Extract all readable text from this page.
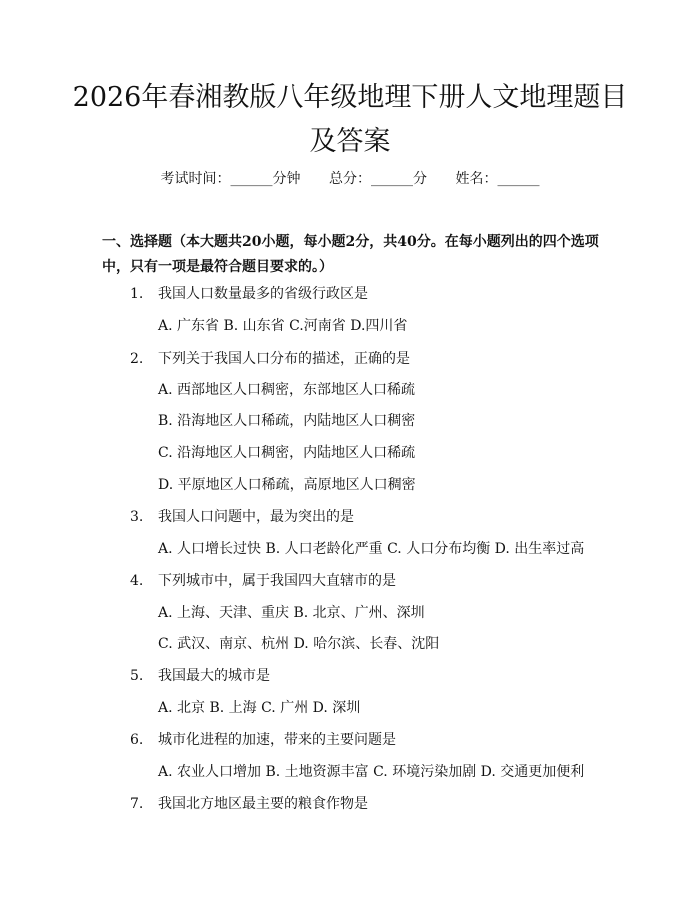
2026年春湘教版八年级地理下册人文地理题目及答案
考试时间：______分钟 总分：______分 姓名：______
一、选择题（本大题共20小题，每小题2分，共40分。在每小题列出的四个选项中，只有一项是最符合题目要求的。）
1. 我国人口数量最多的省级行政区是
A. 广东省 B. 山东省 C.河南省 D.四川省
2. 下列关于我国人口分布的描述，正确的是
A. 西部地区人口稠密，东部地区人口稀疏
B. 沿海地区人口稀疏，内陆地区人口稠密
C. 沿海地区人口稠密，内陆地区人口稀疏
D. 平原地区人口稀疏，高原地区人口稠密
3. 我国人口问题中，最为突出的是
A. 人口增长过快 B. 人口老龄化严重 C. 人口分布均衡 D. 出生率过高
4. 下列城市中，属于我国四大直辖市的是
A. 上海、天津、重庆 B. 北京、广州、深圳
C. 武汉、南京、杭州 D. 哈尔滨、长春、沈阳
5. 我国最大的城市是
A. 北京 B. 上海 C. 广州 D. 深圳
6. 城市化进程的加速，带来的主要问题是
A. 农业人口增加 B. 土地资源丰富 C. 环境污染加剧 D. 交通更加便利
7. 我国北方地区最主要的粮食作物是
